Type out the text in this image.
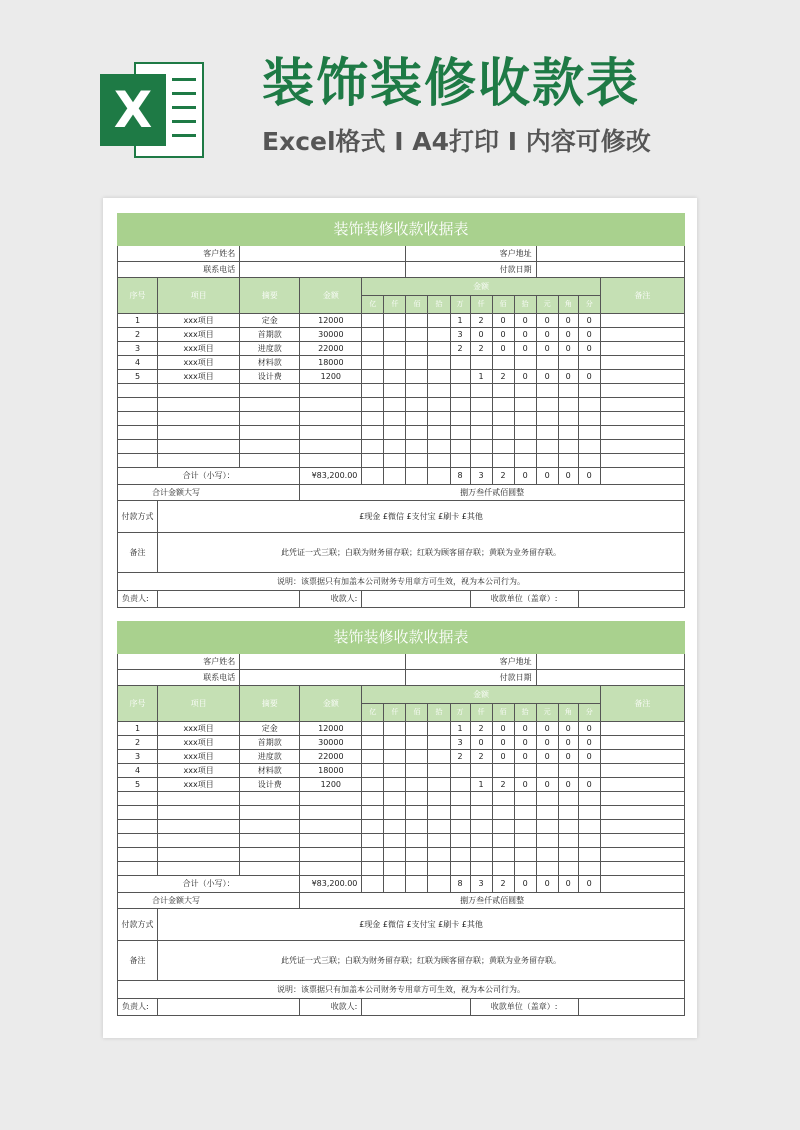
X 装饰装修收款表
Excel格式 I A4打印 I 内容可修改
装饰装修收款收据表															
客户姓名						客户地址									
联系电话						付款日期									
序号	项目	摘要	金额	金额											备注
				亿	仟	佰	拾	万	仟	佰	拾	元	角	分	
1	xxx项目	定金	12000					1	2	0	0	0	0	0	
2	xxx项目	首期款	30000					3	0	0	0	0	0	0	
3	xxx项目	进度款	22000					2	2	0	0	0	0	0	
4	xxx项目	材料款	18000												
5	xxx项目	设计费	1200						1	2	0	0	0	0	

合计（小写）：			¥83,200.00					8	3	2	0	0	0	0	
合计金额大写			捌万叁仟贰佰圆整												
付款方式	£现金 £微信 £支付宝 £刷卡 £其他														
备注	此凭证一式三联；白联为财务留存联；红联为顾客留存联；黄联为业务留存联。														
说明：该票据只有加盖本公司财务专用章方可生效，视为本公司行为。															
负责人:			收款人:						收款单位（盖章）:						
装饰装修收款收据表															
客户姓名						客户地址									
联系电话						付款日期									
序号	项目	摘要	金额	金额											备注
				亿	仟	佰	拾	万	仟	佰	拾	元	角	分	
1	xxx项目	定金	12000					1	2	0	0	0	0	0	
2	xxx项目	首期款	30000					3	0	0	0	0	0	0	
3	xxx项目	进度款	22000					2	2	0	0	0	0	0	
4	xxx项目	材料款	18000												
5	xxx项目	设计费	1200						1	2	0	0	0	0	

合计（小写）：			¥83,200.00					8	3	2	0	0	0	0	
合计金额大写			捌万叁仟贰佰圆整												
付款方式	£现金 £微信 £支付宝 £刷卡 £其他														
备注	此凭证一式三联；白联为财务留存联；红联为顾客留存联；黄联为业务留存联。														
说明：该票据只有加盖本公司财务专用章方可生效，视为本公司行为。															
负责人:			收款人:						收款单位（盖章）:						
